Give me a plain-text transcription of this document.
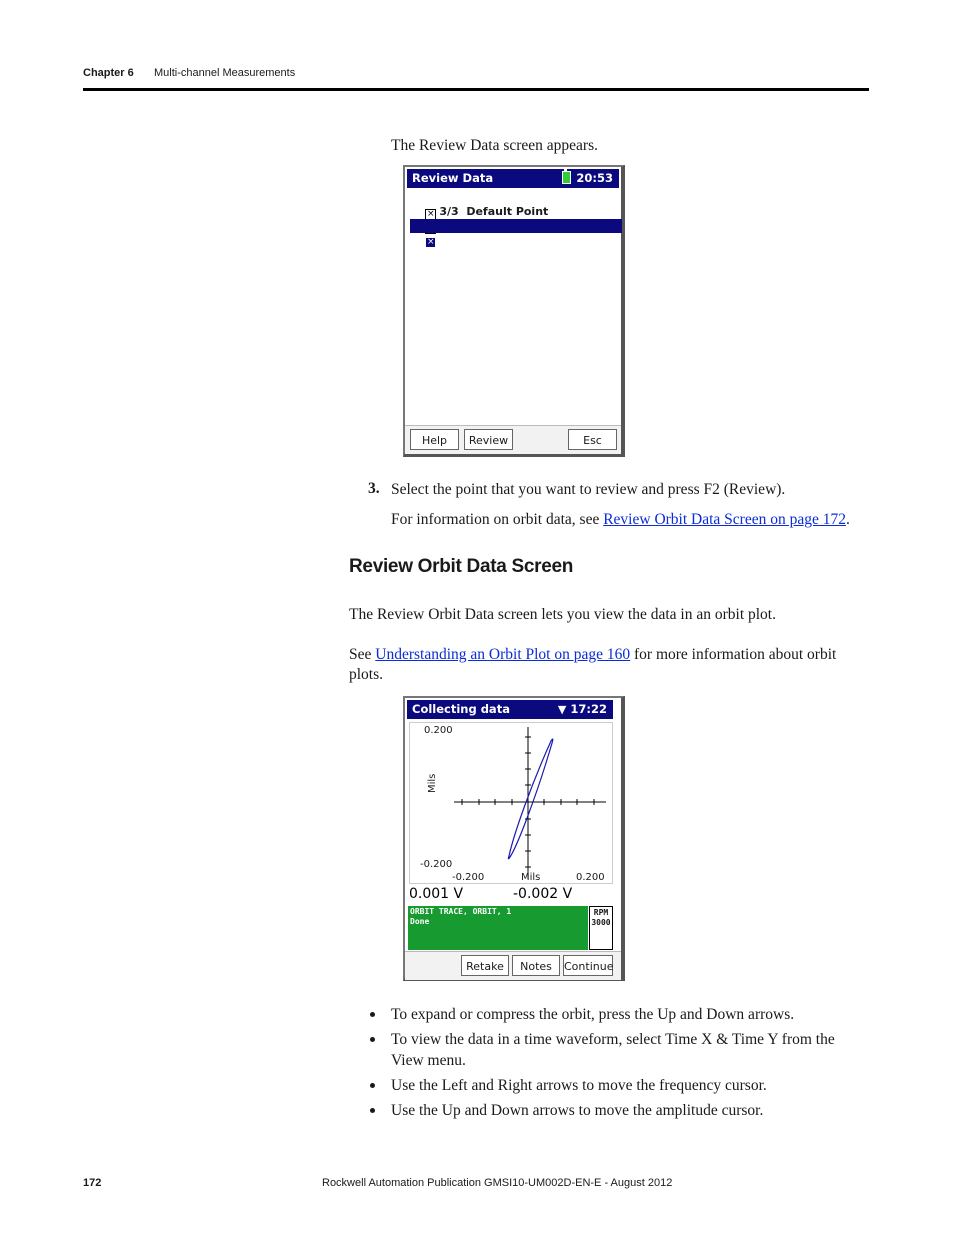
Chapter 6 Multi-channel Measurements
The Review Data screen appears.
Review Data	20:53

× 3/3 Default Point

× 1/3 MTR-OB-HORIZ

Help	Review	Esc
3. Select the point that you want to review and press F2 (Review).
For information on orbit data, see Review Orbit Data Screen on page 172.
Review Orbit Data Screen
The Review Orbit Data screen lets you view the data in an orbit plot.
See Understanding an Orbit Plot on page 160 for more information about orbit plots.
Collecting data	▼ 17:22
0.200
-0.200
Mils
-0.200	Mils	0.200
0.001 V	-0.002 V
ORBIT TRACE, ORBIT, 1
Done
RPM
3000
Retake	Notes	Continue
To expand or compress the orbit, press the Up and Down arrows.
To view the data in a time waveform, select Time X & Time Y from the View menu.
Use the Left and Right arrows to move the frequency cursor.
Use the Up and Down arrows to move the amplitude cursor.
172	Rockwell Automation Publication GMSI10-UM002D-EN-E - August 2012
